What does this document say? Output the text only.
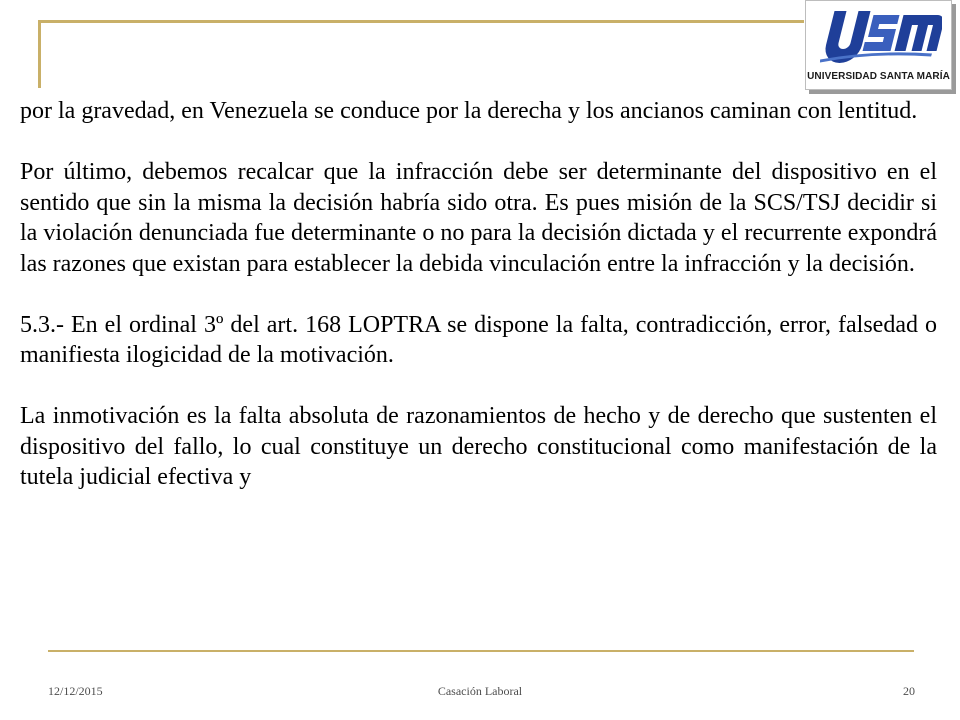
UNIVERSIDAD SANTA MARÍA

por la gravedad, en Venezuela se conduce por la derecha y los ancianos caminan con lentitud.

Por último, debemos recalcar que la infracción debe ser determinante del dispositivo en el sentido que sin la misma la decisión habría sido otra. Es pues misión de la SCS/TSJ decidir si la violación denunciada fue determinante o no para la decisión dictada y el recurrente expondrá las razones que existan para establecer la debida vinculación entre la infracción y la decisión.

5.3.- En el ordinal 3º del art. 168 LOPTRA se dispone la falta, contradicción, error, falsedad o manifiesta ilogicidad de la motivación.

La inmotivación es la falta absoluta de razonamientos de hecho y de derecho que sustenten el dispositivo del fallo, lo cual constituye un derecho constitucional como manifestación de la tutela judicial efectiva y

12/12/2015	Casación Laboral	20
